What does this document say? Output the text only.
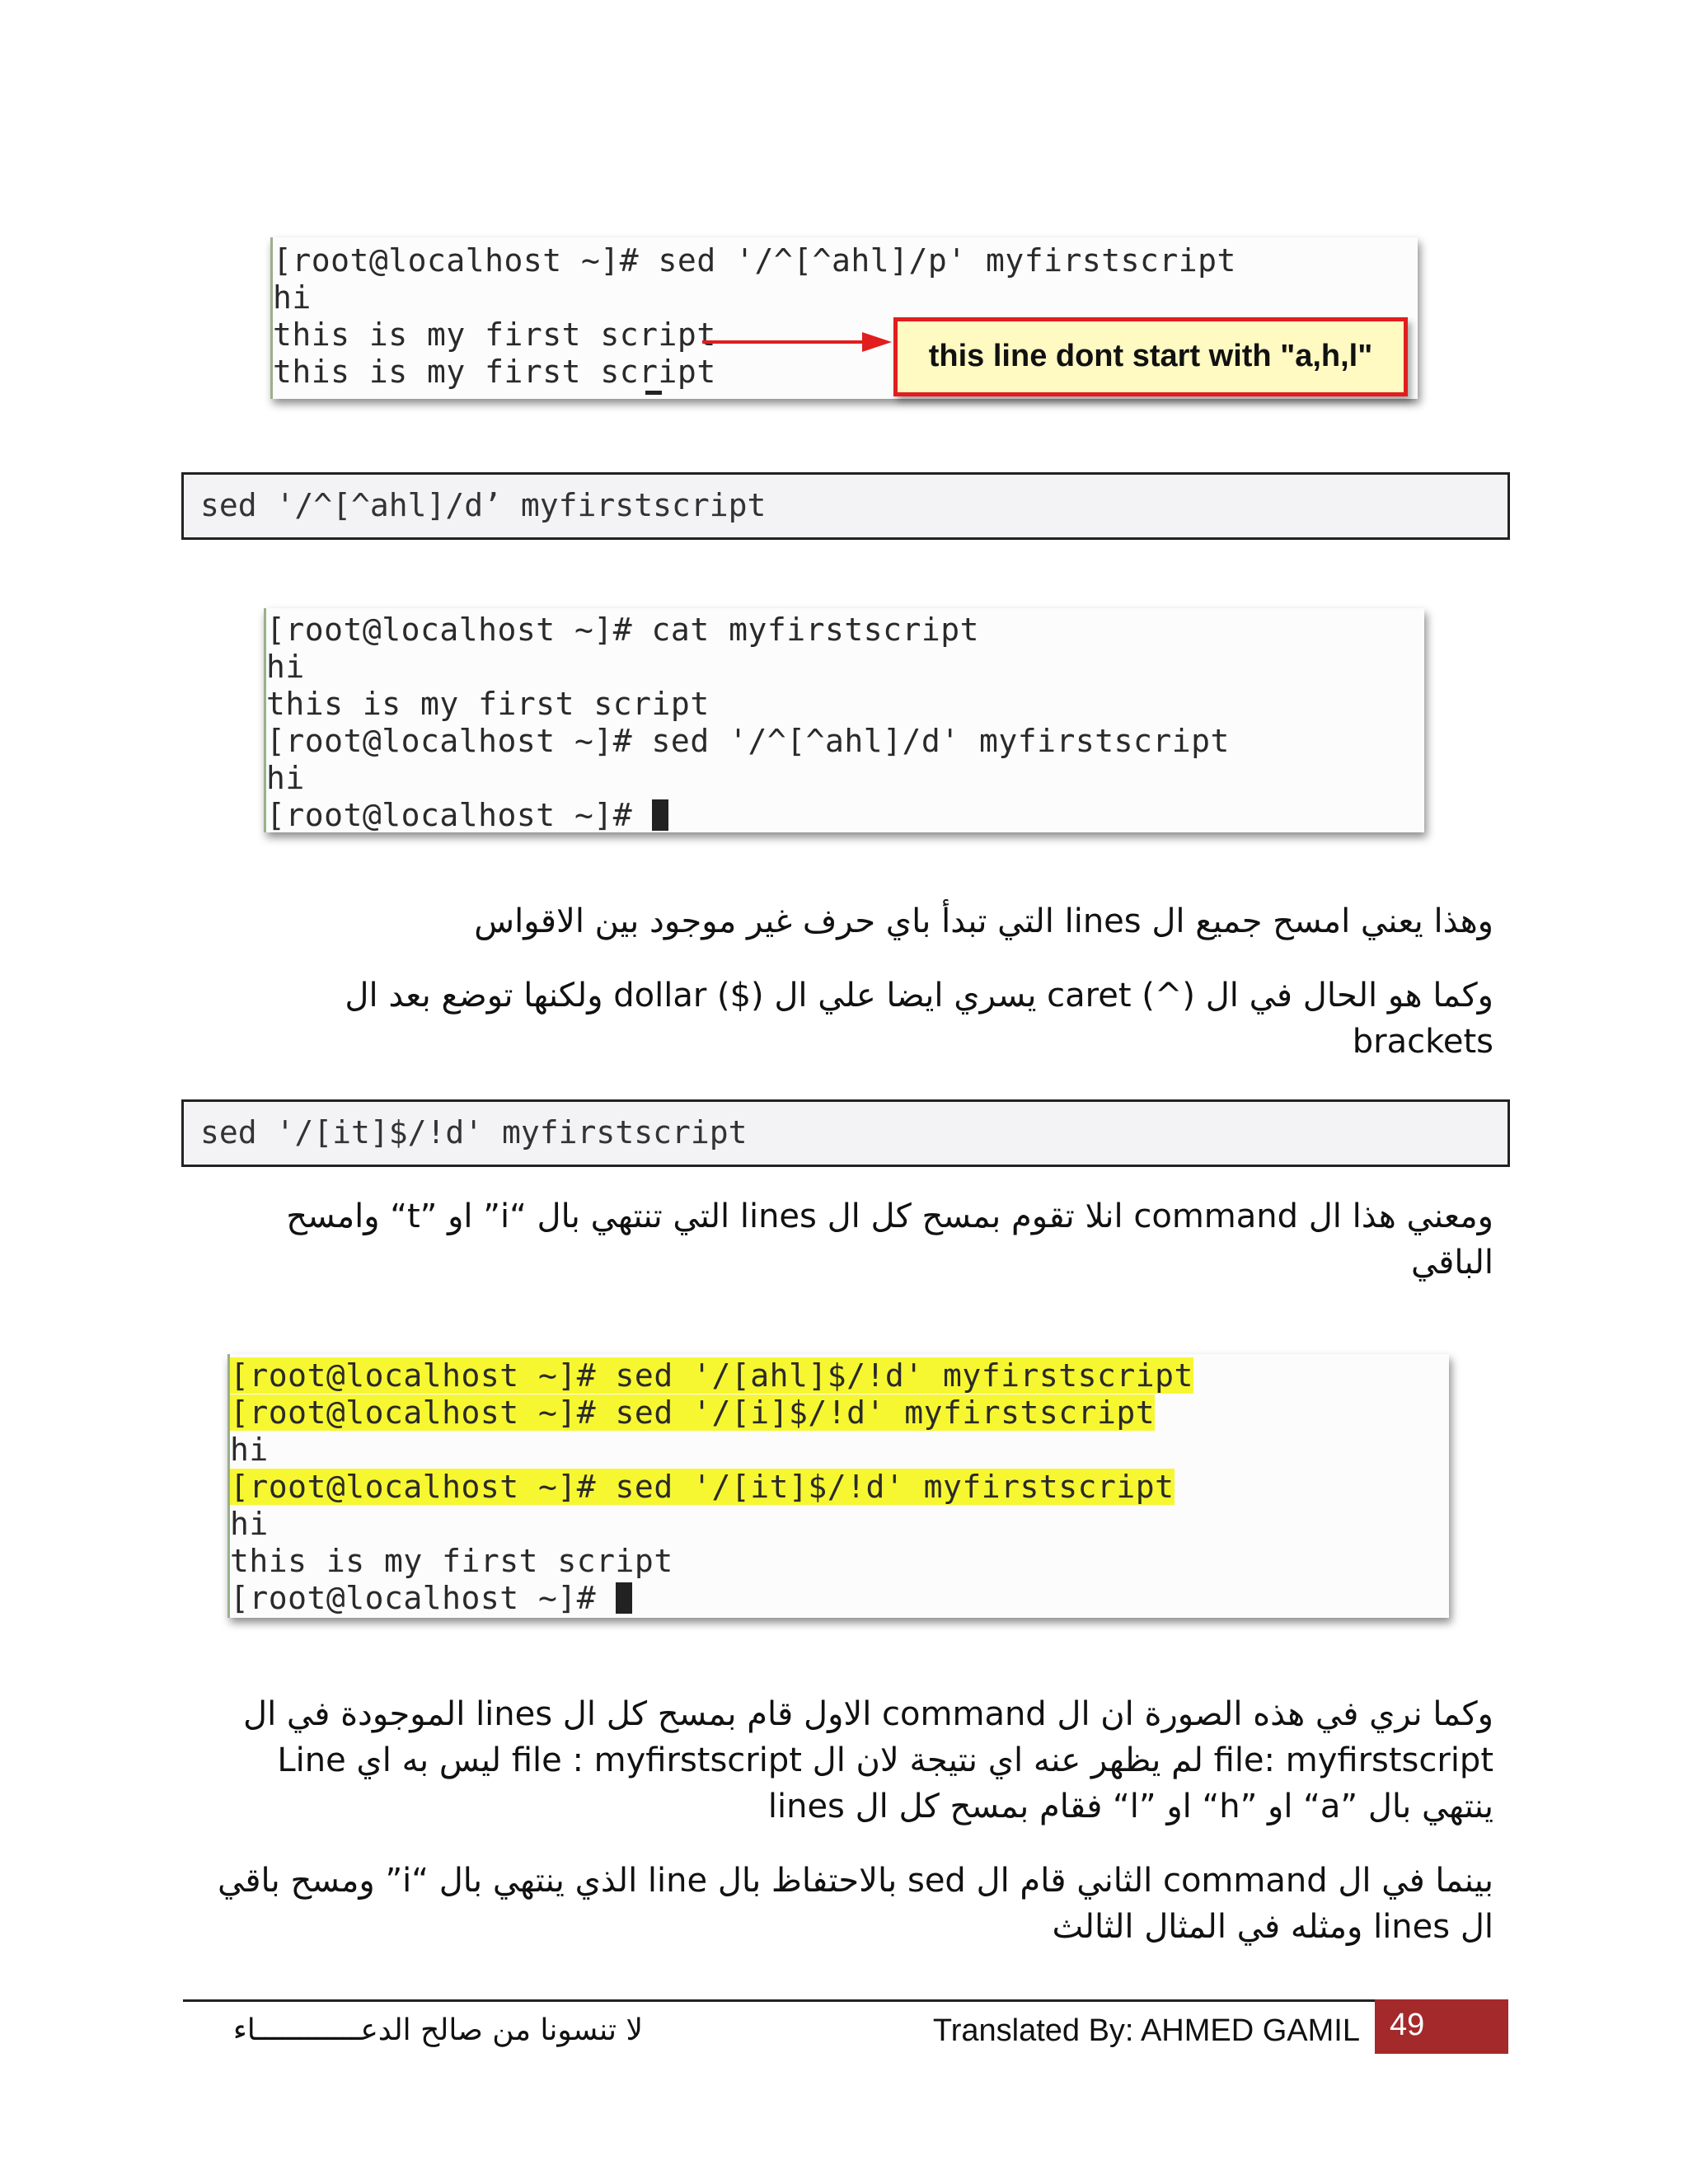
[root@localhost ~]# sed '/^[^ahl]/p' myfirstscript
hi
this is my first script
this is my first script	this line dont start with "a,h,l"
sed '/^[^ahl]/d’ myfirstscript
[root@localhost ~]# cat myfirstscript
hi
this is my first script
[root@localhost ~]# sed '/^[^ahl]/d' myfirstscript
hi
[root@localhost ~]#
وهذا يعني امسح جميع ال lines التي تبدأ باي حرف غير موجود بين الاقواس
وكما هو الحال في ال (^) caret يسري ايضا علي ال ($) dollar ولكنها توضع بعد ال brackets
sed '/[it]$/!d' myfirstscript
ومعني هذا ال command انلا تقوم بمسح كل ال lines التي تنتهي بال “i” او ”t“ وامسح الباقي
[root@localhost ~]# sed '/[ahl]$/!d' myfirstscript
[root@localhost ~]# sed '/[i]$/!d' myfirstscript
hi
[root@localhost ~]# sed '/[it]$/!d' myfirstscript
hi
this is my first script
[root@localhost ~]#
وكما نري في هذه الصورة ان ال command الاول قام بمسح كل ال lines الموجودة في ال file: myfirstscript لم يظهر عنه اي نتيجة لان ال file : myfirstscript ليس به اي Line ينتهي بال ”a“ او ”h“ او ”l“ فقام بمسح كل ال lines
بينما في ال command الثاني قام ال sed بالاحتفاظ بال line الذي ينتهي بال “i” ومسح باقي ال lines ومثله في المثال الثالث
لا تنسونا من صالح الدعــــــــــــاء	Translated By: AHMED GAMIL 49
